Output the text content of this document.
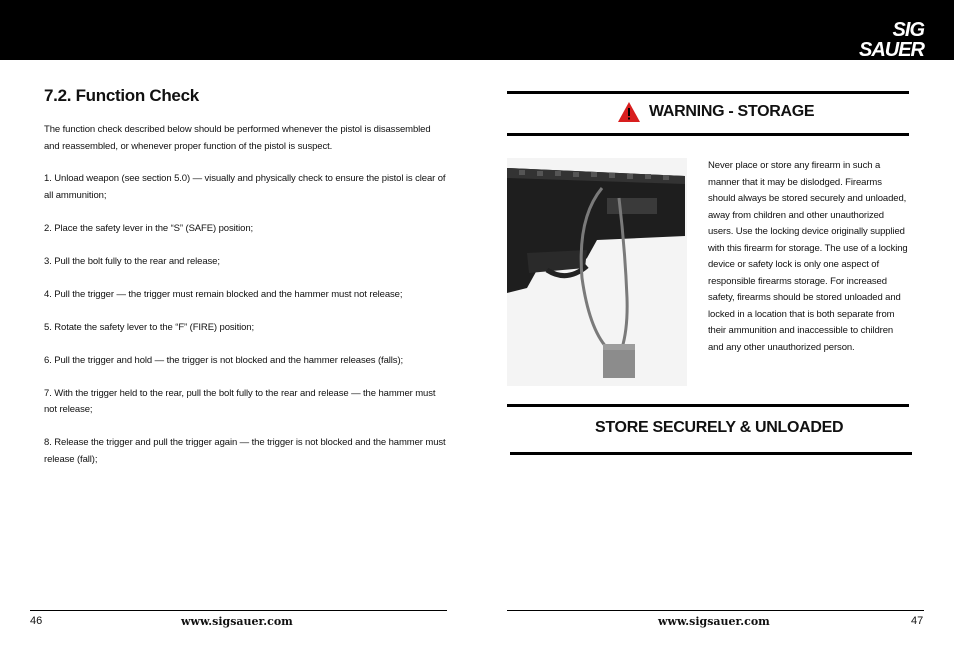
SIG SAUER
when it counts
7.2. Function Check

The function check described below should be performed whenever the pistol is disassembled and reassembled, or whenever proper function of the pistol is suspect.

1. Unload weapon (see section 5.0) — visually and physically check to ensure the pistol is clear of all ammunition;
2. Place the safety lever in the “S” (SAFE) position;
3. Pull the bolt fully to the rear and release;
4. Pull the trigger — the trigger must remain blocked and the hammer must not release;
5. Rotate the safety lever to the “F” (FIRE) position;
6. Pull the trigger and hold — the trigger is not blocked and the hammer releases (falls);
7. With the trigger held to the rear, pull the bolt fully to the rear and release — the hammer must not release;
8. Release the trigger and pull the trigger again — the trigger is not blocked and the hammer must release (fall);
WARNING - STORAGE

Never place or store any firearm in such a manner that it may be dislodged. Firearms should always be stored securely and unloaded, away from children and other unauthorized users. Use the locking device originally supplied with this firearm for storage. The use of a locking device or safety lock is only one aspect of responsible firearms storage. For increased safety, firearms should be stored unloaded and locked in a location that is both separate from their ammunition and inaccessible to children and any other unauthorized person.

STORE SECURELY & UNLOADED
46	www.sigsauer.com	www.sigsauer.com	47
